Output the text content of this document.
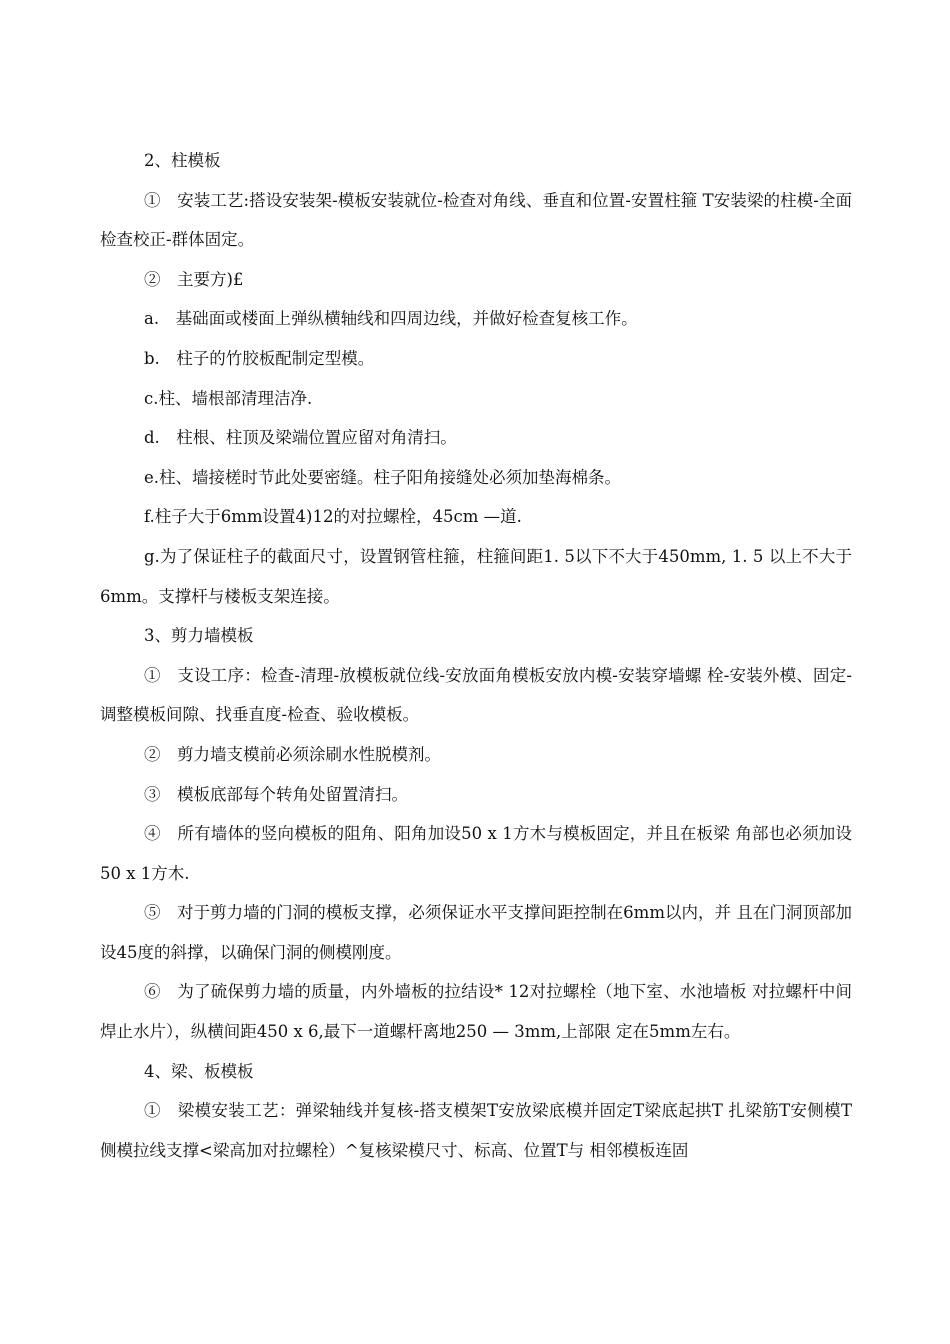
2、柱模板

①　安装工艺:搭设安装架-模板安装就位-检查对角线、垂直和位置-安置柱箍 T安装梁的柱模-全面检查校正-群体固定。

②　主要方)£

a.　基础面或楼面上弹纵横轴线和四周边线，并做好检查复核工作。

b.　柱子的竹胶板配制定型模。

c.柱、墙根部清理洁净.

d.　柱根、柱顶及梁端位置应留对角清扫。

e.柱、墙接槎时节此处要密缝。柱子阳角接缝处必须加垫海棉条。

f.柱子大于6mm设置4)12的对拉螺栓，45cm —道.

g.为了保证柱子的截面尺寸，设置钢管柱箍，柱箍间距1. 5以下不大于450mm, 1. 5 以上不大于6mm。支撑杆与楼板支架连接。

3、剪力墙模板

①　支设工序：检查-清理-放模板就位线-安放面角模板安放内模-安装穿墙螺 栓-安装外模、固定-调整模板间隙、找垂直度-检查、验收模板。

②　剪力墙支模前必须涂刷水性脱模剂。

③　模板底部每个转角处留置清扫。

④　所有墙体的竖向模板的阻角、阳角加设50 x 1方木与模板固定，并且在板梁 角部也必须加设50 x 1方木.

⑤　对于剪力墙的门洞的模板支撑，必须保证水平支撑间距控制在6mm以内，并 且在门洞顶部加设45度的斜撑，以确保门洞的侧模刚度。

⑥　为了硫保剪力墙的质量，内外墙板的拉结设* 12对拉螺栓（地下室、水池墙板 对拉螺杆中间焊止水片），纵横间距450 x 6,最下一道螺杆离地250 — 3mm,上部限 定在5mm左右。

4、梁、板模板

①　梁模安装工艺：弹梁轴线并复核-搭支模架T安放梁底模并固定T梁底起拱T 扎梁筋T安侧模T侧模拉线支撑<梁高加对拉螺栓）^复核梁模尺寸、标高、位置T与 相邻模板连固
